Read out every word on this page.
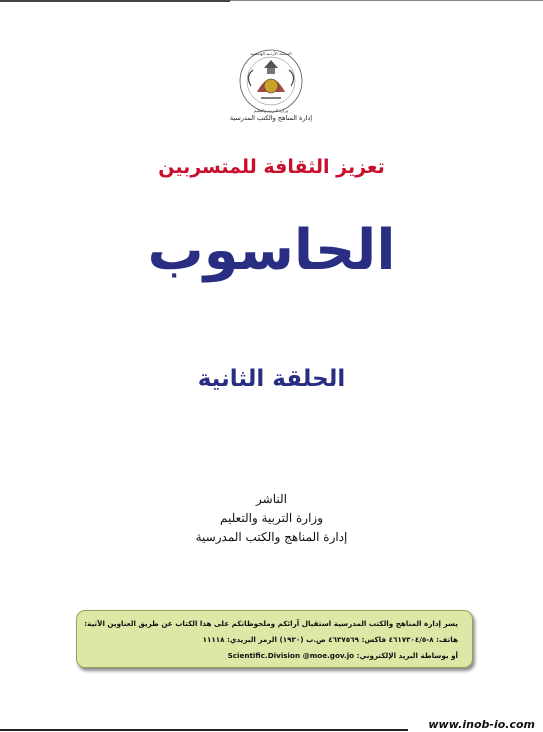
المملكة الأردنية الهاشمية
وزارة التربية والتعليم
إدارة المناهج والكتب المدرسية
تعزيز الثقافة للمتسربين
الحاسوب
الحلقة الثانية
الناشر
وزارة التربية والتعليم
إدارة المناهج والكتب المدرسية
يسر إدارة المناهج والكتب المدرسية استقبال آرائكم وملحوظاتكم على هذا الكتاب عن طريق العناوين الآتية:
هاتف: ٨-٤٦١٧٣٠٤/٥ فاكس: ٤٦٣٧٥٦٩ ص.ب (١٩٣٠) الرمز البريدي: ١١١١٨
أو بوساطة البريد الإلكتروني: Scientific.Division @moe.gov.jo
www.inob-io.com
